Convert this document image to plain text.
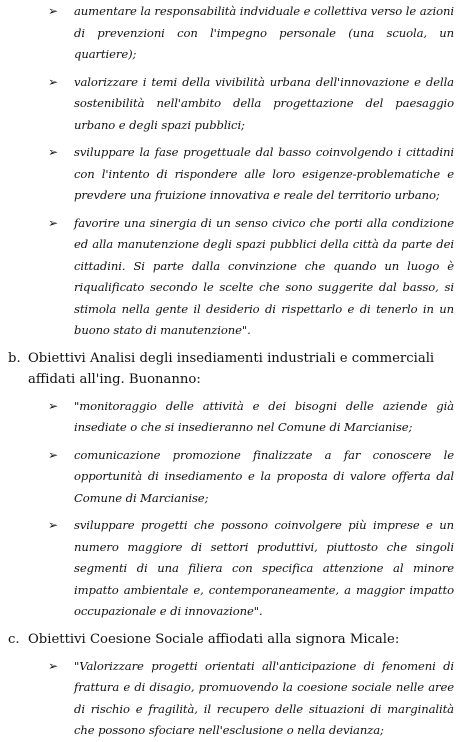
➢	aumentare la responsabilità indviduale e collettiva verso le azioni di prevenzioni con l'impegno personale (una scuola, un quartiere);
➢	valorizzare i temi della vivibilità urbana dell'innovazione e della sostenibilità nell'ambito della progettazione del paesaggio urbano e degli spazi pubblici;
➢	sviluppare la fase progettuale dal basso coinvolgendo i cittadini con l'intento di rispondere alle loro esigenze-problematiche e prevdere una fruizione innovativa e reale del territorio urbano;
➢	favorire una sinergia di un senso civico che porti alla condizione ed alla manutenzione degli spazi pubblici della città da parte dei cittadini. Si parte dalla convinzione che quando un luogo è riqualificato secondo le scelte che sono suggerite dal basso, si stimola nella gente il desiderio di rispettarlo e di tenerlo in un buono stato di manutenzione".
b. Obiettivi Analisi degli insediamenti industriali e commerciali affidati all'ing. Buonanno:
➢	"monitoraggio delle attività e dei bisogni delle aziende già insediate o che si insedieranno nel Comune di Marcianise;
➢	comunicazione promozione finalizzate a far conoscere le opportunità di insediamento e la proposta di valore offerta dal Comune di Marcianise;
➢	sviluppare progetti che possono coinvolgere più imprese e un numero maggiore di settori produttivi, piuttosto che singoli segmenti di una filiera con specifica attenzione al minore impatto ambientale e, contemporaneamente, a maggior impatto occupazionale e di innovazione".
c. Obiettivi Coesione Sociale affiodati alla signora Micale:
➢	"Valorizzare progetti orientati all'anticipazione di fenomeni di frattura e di disagio, promuovendo la coesione sociale nelle aree di rischio e fragilità, il recupero delle situazioni di marginalità che possono sfociare nell'esclusione o nella devianza;
